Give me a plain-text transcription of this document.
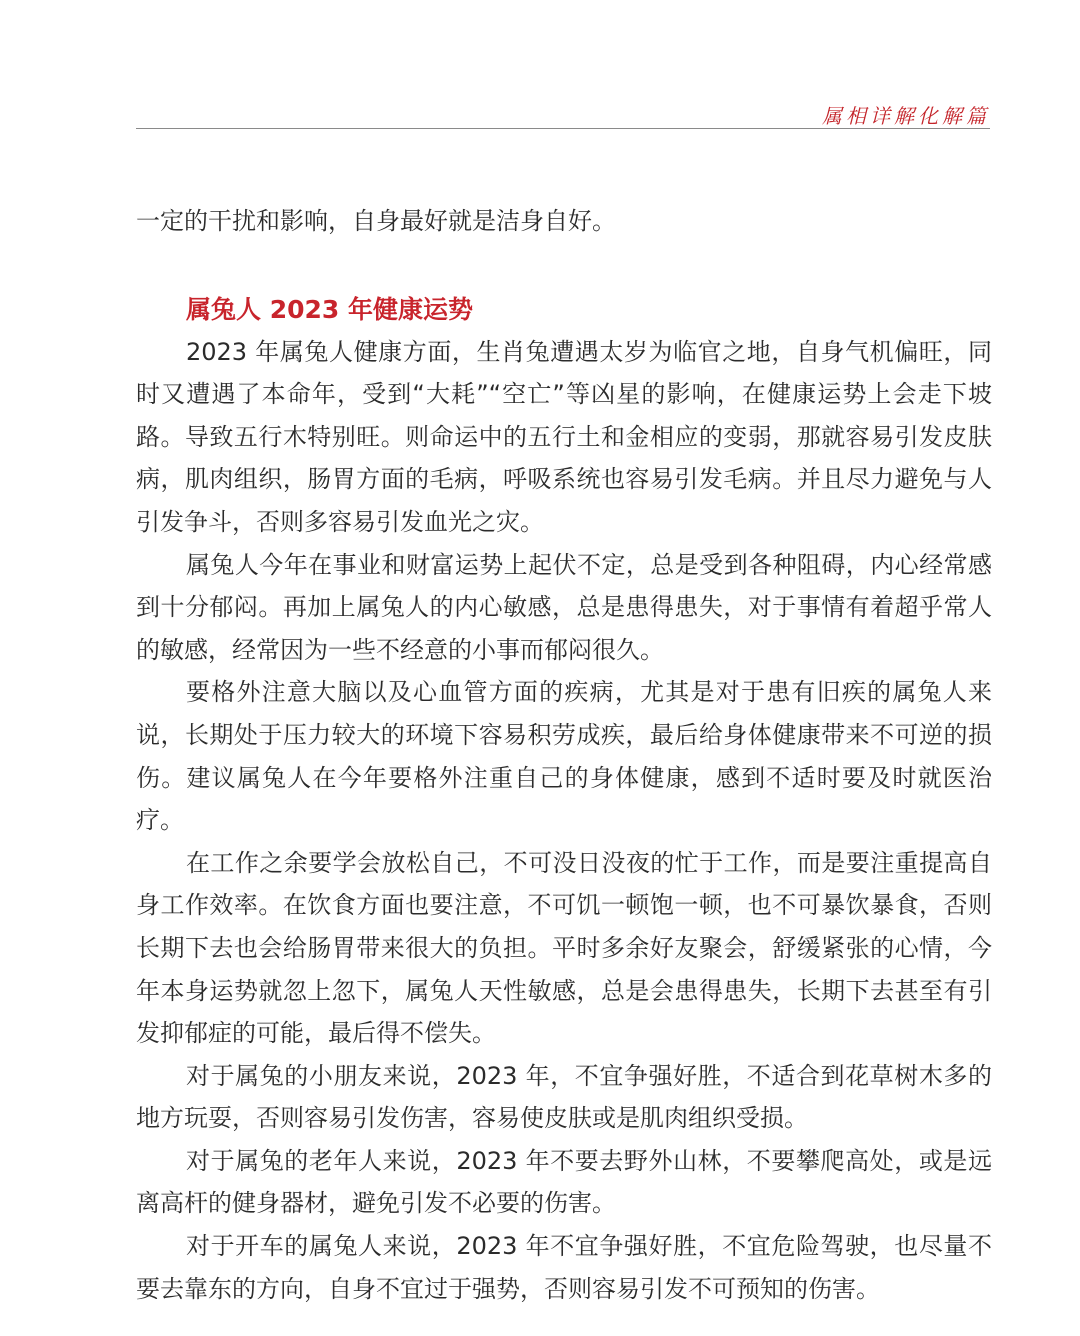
属相详解化解篇

一定的干扰和影响，自身最好就是洁身自好。

属兔人 2023 年健康运势

2023 年属兔人健康方面，生肖兔遭遇太岁为临官之地，自身气机偏旺，同时又遭遇了本命年，受到“大耗”“空亡”等凶星的影响，在健康运势上会走下坡路。导致五行木特别旺。则命运中的五行土和金相应的变弱，那就容易引发皮肤病，肌肉组织，肠胃方面的毛病，呼吸系统也容易引发毛病。并且尽力避免与人引发争斗，否则多容易引发血光之灾。

属兔人今年在事业和财富运势上起伏不定，总是受到各种阻碍，内心经常感到十分郁闷。再加上属兔人的内心敏感，总是患得患失，对于事情有着超乎常人的敏感，经常因为一些不经意的小事而郁闷很久。

要格外注意大脑以及心血管方面的疾病，尤其是对于患有旧疾的属兔人来说，长期处于压力较大的环境下容易积劳成疾，最后给身体健康带来不可逆的损伤。建议属兔人在今年要格外注重自己的身体健康，感到不适时要及时就医治疗。

在工作之余要学会放松自己，不可没日没夜的忙于工作，而是要注重提高自身工作效率。在饮食方面也要注意，不可饥一顿饱一顿，也不可暴饮暴食，否则长期下去也会给肠胃带来很大的负担。平时多余好友聚会，舒缓紧张的心情，今年本身运势就忽上忽下，属兔人天性敏感，总是会患得患失，长期下去甚至有引发抑郁症的可能，最后得不偿失。

对于属兔的小朋友来说，2023 年，不宜争强好胜，不适合到花草树木多的地方玩耍，否则容易引发伤害，容易使皮肤或是肌肉组织受损。

对于属兔的老年人来说，2023 年不要去野外山林，不要攀爬高处，或是远离高杆的健身器材，避免引发不必要的伤害。

对于开车的属兔人来说，2023 年不宜争强好胜，不宜危险驾驶，也尽量不要去靠东的方向，自身不宜过于强势，否则容易引发不可预知的伤害。
